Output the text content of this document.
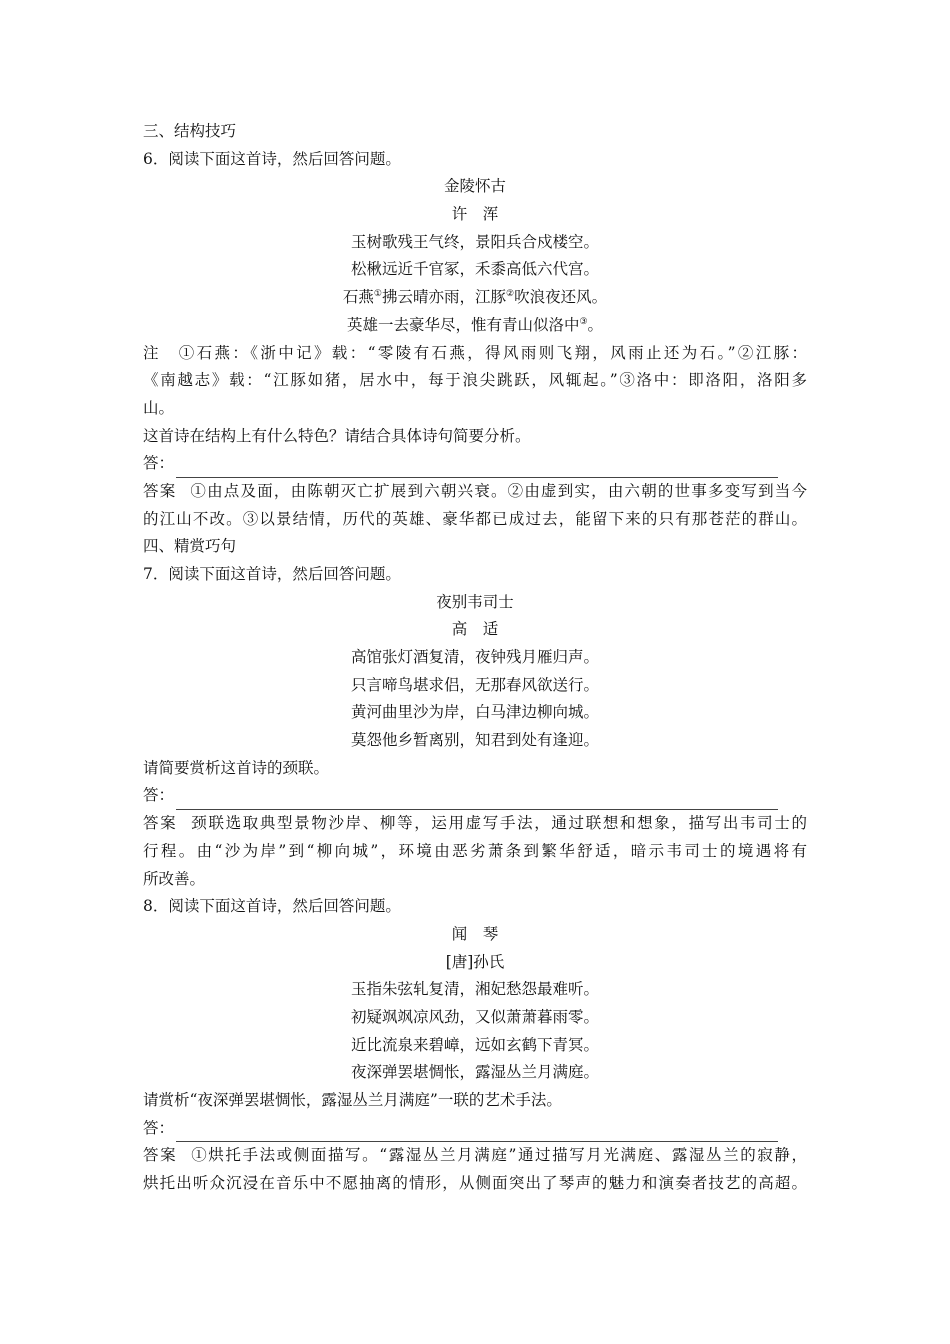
三、结构技巧
6．阅读下面这首诗，然后回答问题。
金陵怀古
许　浑
玉树歌残王气终，景阳兵合戍楼空。
松楸远近千官冢，禾黍高低六代宫。
石燕①拂云晴亦雨，江豚②吹浪夜还风。
英雄一去豪华尽，惟有青山似洛中③。
注　①石燕：《浙中记》载：“零陵有石燕，得风雨则飞翔，风雨止还为石。”②江豚：
《南越志》载：“江豚如猪，居水中，每于浪尖跳跃，风辄起。”③洛中：即洛阳，洛阳多
山。
这首诗在结构上有什么特色？请结合具体诗句简要分析。
答：
答案 ①由点及面，由陈朝灭亡扩展到六朝兴衰。②由虚到实，由六朝的世事多变写到当今
的江山不改。③以景结情，历代的英雄、豪华都已成过去，能留下来的只有那苍茫的群山。
四、精赏巧句
7．阅读下面这首诗，然后回答问题。
夜别韦司士
高　适
高馆张灯酒复清，夜钟残月雁归声。
只言啼鸟堪求侣，无那春风欲送行。
黄河曲里沙为岸，白马津边柳向城。
莫怨他乡暂离别，知君到处有逢迎。
请简要赏析这首诗的颈联。
答：
答案 颈联选取典型景物沙岸、柳等，运用虚写手法，通过联想和想象，描写出韦司士的
行程。由“沙为岸”到“柳向城”，环境由恶劣萧条到繁华舒适，暗示韦司士的境遇将有
所改善。
8．阅读下面这首诗，然后回答问题。
闻　琴
[唐]孙氏
玉指朱弦轧复清，湘妃愁怨最难听。
初疑飒飒凉风劲，又似萧萧暮雨零。
近比流泉来碧嶂，远如玄鹤下青冥。
夜深弹罢堪惆怅，露湿丛兰月满庭。
请赏析“夜深弹罢堪惆怅，露湿丛兰月满庭”一联的艺术手法。
答：
答案 ①烘托手法或侧面描写。“露湿丛兰月满庭”通过描写月光满庭、露湿丛兰的寂静，
烘托出听众沉浸在音乐中不愿抽离的情形，从侧面突出了琴声的魅力和演奏者技艺的高超。
